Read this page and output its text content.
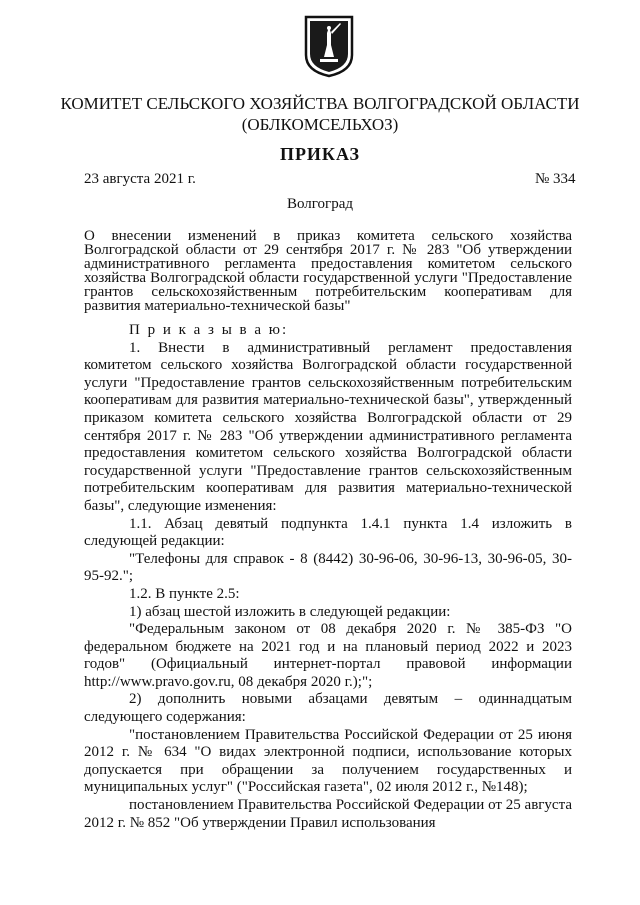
КОМИТЕТ СЕЛЬСКОГО ХОЗЯЙСТВА ВОЛГОГРАДСКОЙ ОБЛАСТИ
(ОБЛКОМСЕЛЬХОЗ)
ПРИКАЗ
23 августа 2021 г.	№ 334
Волгоград
О внесении изменений в приказ комитета сельского хозяйства Волгоградской области от 29 сентября 2017 г. № 283 "Об утверждении административного регламента предоставления комитетом сельского хозяйства Волгоградской области государственной услуги "Предоставление грантов сельскохозяйственным потребительским кооперативам для развития материально-технической базы"

П р и к а з ы в а ю:

1. Внести в административный регламент предоставления комитетом сельского хозяйства Волгоградской области государственной услуги "Предоставление грантов сельскохозяйственным потребительским кооперативам для развития материально-технической базы", утвержденный приказом комитета сельского хозяйства Волгоградской области от 29 сентября 2017 г. № 283 "Об утверждении административного регламента предоставления комитетом сельского хозяйства Волгоградской области государственной услуги "Предоставление грантов сельскохозяйственным потребительским кооперативам для развития материально-технической базы", следующие изменения:

1.1. Абзац девятый подпункта 1.4.1 пункта 1.4 изложить в следующей редакции:

"Телефоны для справок - 8 (8442) 30-96-06, 30-96-13, 30-96-05, 30-95-92.";

1.2. В пункте 2.5:

1) абзац шестой изложить в следующей редакции:

"Федеральным законом от 08 декабря 2020 г. № 385-ФЗ "О федеральном бюджете на 2021 год и на плановый период 2022 и 2023 годов" (Официальный интернет-портал правовой информации http://www.pravo.gov.ru, 08 декабря 2020 г.);";

2) дополнить новыми абзацами девятым – одиннадцатым следующего содержания:

"постановлением Правительства Российской Федерации от 25 июня 2012 г. № 634 "О видах электронной подписи, использование которых допускается при обращении за получением государственных и муниципальных услуг" ("Российская газета", 02 июля 2012 г., №148);

постановлением Правительства Российской Федерации от 25 августа 2012 г. № 852 "Об утверждении Правил использования
